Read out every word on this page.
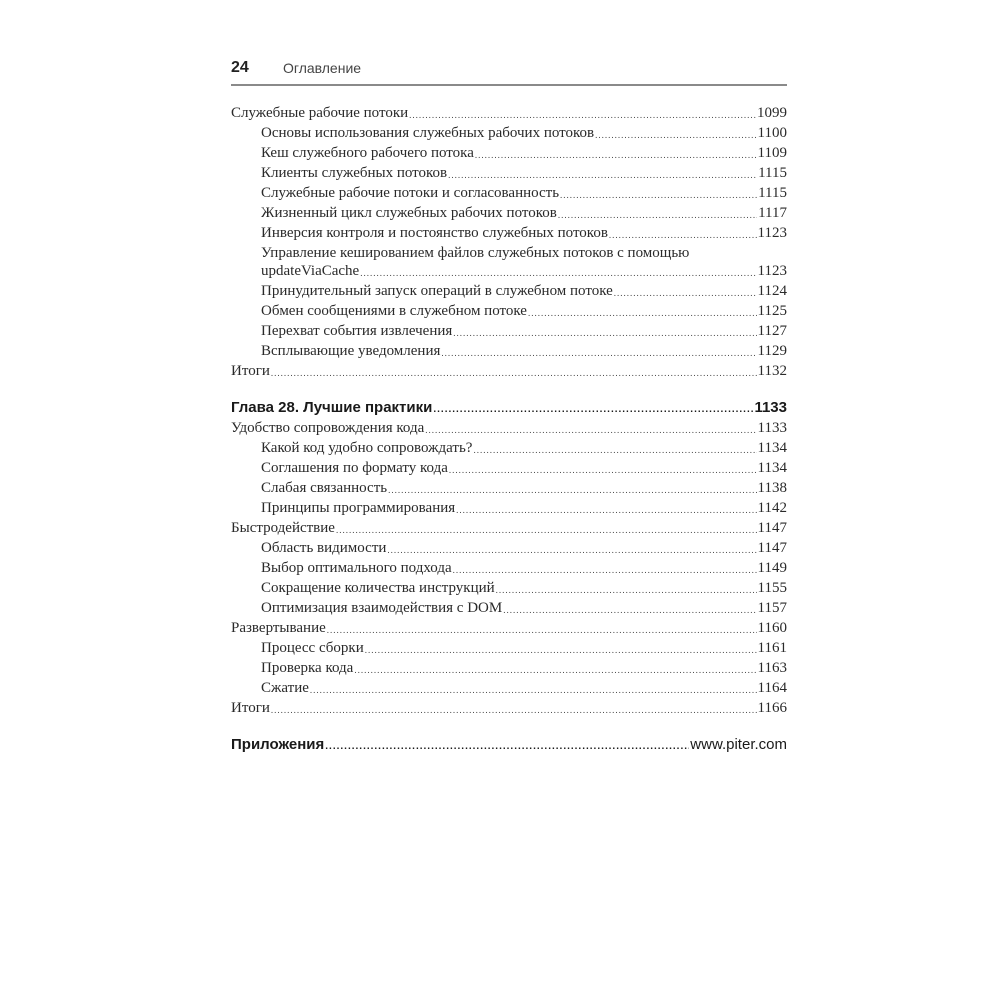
24 Оглавление
Служебные рабочие потоки .....	1099
Основы использования служебных рабочих потоков .....	1100
Кеш служебного рабочего потока .....	1109
Клиенты служебных потоков .....	1115
Служебные рабочие потоки и согласованность .....	1115
Жизненный цикл служебных рабочих потоков .....	1117
Инверсия контроля и постоянство служебных потоков .....	1123
Управление кешированием файлов служебных потоков с помощью
updateViaCache .....	1123
Принудительный запуск операций в служебном потоке .....	1124
Обмен сообщениями в служебном потоке .....	1125
Перехват события извлечения .....	1127
Всплывающие уведомления .....	1129
Итоги .....	1132
Глава 28. Лучшие практики .....	1133
Удобство сопровождения кода .....	1133
Какой код удобно сопровождать? .....	1134
Соглашения по формату кода .....	1134
Слабая связанность .....	1138
Принципы программирования .....	1142
Быстродействие .....	1147
Область видимости .....	1147
Выбор оптимального подхода .....	1149
Сокращение количества инструкций .....	1155
Оптимизация взаимодействия с DOM .....	1157
Развертывание .....	1160
Процесс сборки .....	1161
Проверка кода .....	1163
Сжатие .....	1164
Итоги .....	1166
Приложения .....	www.piter.com
